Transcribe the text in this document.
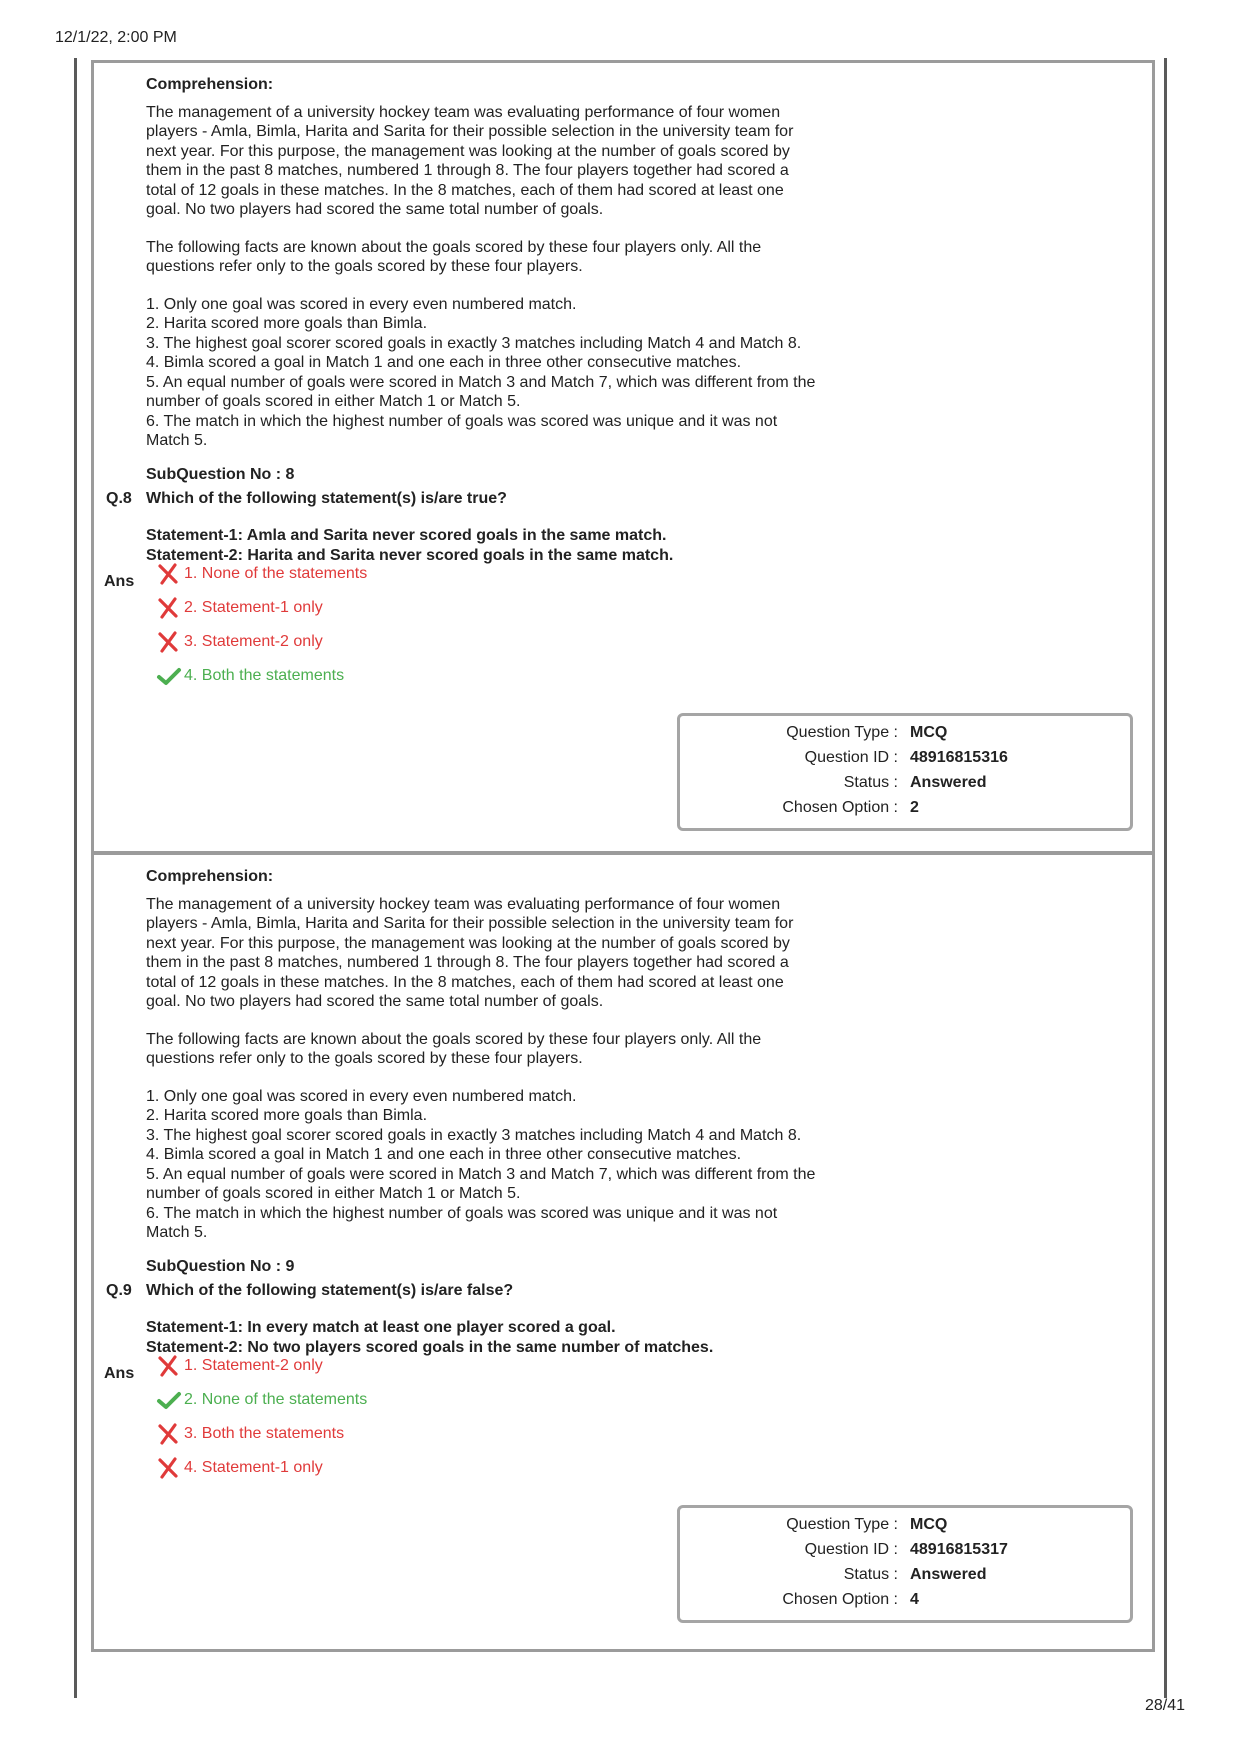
12/1/22, 2:00 PM
Comprehension:

The management of a university hockey team was evaluating performance of four women players - Amla, Bimla, Harita and Sarita for their possible selection in the university team for next year. For this purpose, the management was looking at the number of goals scored by them in the past 8 matches, numbered 1 through 8. The four players together had scored a total of 12 goals in these matches. In the 8 matches, each of them had scored at least one goal. No two players had scored the same total number of goals.

The following facts are known about the goals scored by these four players only. All the questions refer only to the goals scored by these four players.

1. Only one goal was scored in every even numbered match.
2. Harita scored more goals than Bimla.
3. The highest goal scorer scored goals in exactly 3 matches including Match 4 and Match 8.
4. Bimla scored a goal in Match 1 and one each in three other consecutive matches.
5. An equal number of goals were scored in Match 3 and Match 7, which was different from the number of goals scored in either Match 1 or Match 5.
6. The match in which the highest number of goals was scored was unique and it was not Match 5.
SubQuestion No : 8
Q.8 Which of the following statement(s) is/are true?
Statement-1: Amla and Sarita never scored goals in the same match.
Statement-2: Harita and Sarita never scored goals in the same match.
Ans	1. None of the statements
2. Statement-1 only
3. Statement-2 only
4. Both the statements
Question Type : MCQ
Question ID : 48916815316
Status : Answered
Chosen Option : 2
Comprehension:

The management of a university hockey team was evaluating performance of four women players - Amla, Bimla, Harita and Sarita for their possible selection in the university team for next year. For this purpose, the management was looking at the number of goals scored by them in the past 8 matches, numbered 1 through 8. The four players together had scored a total of 12 goals in these matches. In the 8 matches, each of them had scored at least one goal. No two players had scored the same total number of goals.

The following facts are known about the goals scored by these four players only. All the questions refer only to the goals scored by these four players.

1. Only one goal was scored in every even numbered match.
2. Harita scored more goals than Bimla.
3. The highest goal scorer scored goals in exactly 3 matches including Match 4 and Match 8.
4. Bimla scored a goal in Match 1 and one each in three other consecutive matches.
5. An equal number of goals were scored in Match 3 and Match 7, which was different from the number of goals scored in either Match 1 or Match 5.
6. The match in which the highest number of goals was scored was unique and it was not Match 5.
SubQuestion No : 9
Q.9 Which of the following statement(s) is/are false?
Statement-1: In every match at least one player scored a goal.
Statement-2: No two players scored goals in the same number of matches.
Ans	1. Statement-2 only
2. None of the statements
3. Both the statements
4. Statement-1 only
Question Type : MCQ
Question ID : 48916815317
Status : Answered
Chosen Option : 4
28/41
